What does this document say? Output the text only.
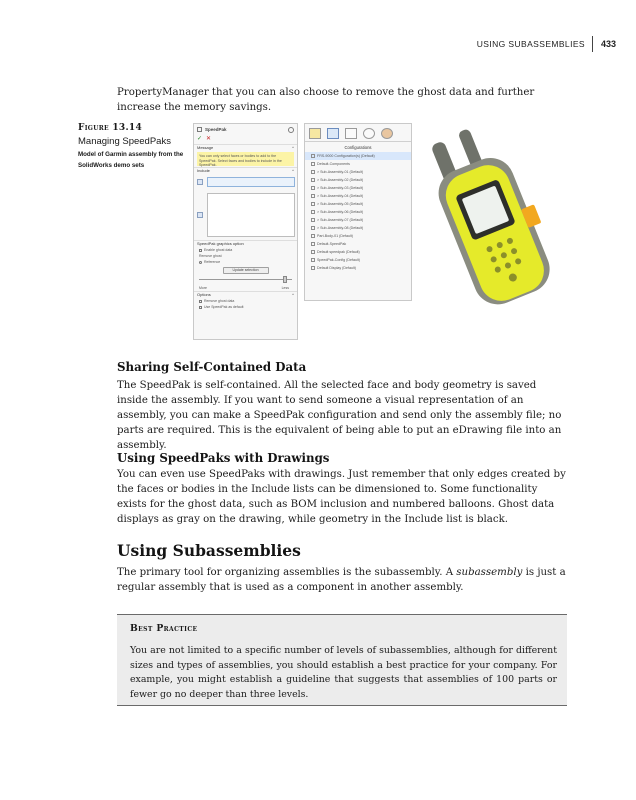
USING SUBASSEMBLIES	433

PropertyManager that you can also choose to remove the ghost data and further increase the memory savings.

Figure 13.14
Managing SpeedPaks
Model of Garmin assembly from the SolidWorks demo sets
SpeedPak
✓ ✕
Message	^
You can only select faces or bodies to add to the SpeedPak. Select faces and bodies to include in the SpeedPak.
Include	^
SpeedPak graphics option
Enable ghost data
Remove ghost
Reference
Update selection
More	Less
Options	^
Remove ghost data
Use SpeedPak as default
Configurations
FRS-9000 Configuration(s) (Default)
Default-Components
> Sub-Assembly-01 (Default)
> Sub-Assembly-02 (Default)
> Sub-Assembly-03 (Default)
> Sub-Assembly-04 (Default)
> Sub-Assembly-05 (Default)
> Sub-Assembly-06 (Default)
> Sub-Assembly-07 (Default)
> Sub-Assembly-08 (Default)
Part-Body-01 (Default)
Default-SpeedPak
Default speedpak (Default)
SpeedPak-Config (Default)
Default Display (Default)
Sharing Self-Contained Data

The SpeedPak is self-contained. All the selected face and body geometry is saved inside the assembly. If you want to send someone a visual representation of an assembly, you can make a SpeedPak configuration and send only the assembly file; no parts are required. This is the equivalent of being able to put an eDrawing file into an assembly.

Using SpeedPaks with Drawings

You can even use SpeedPaks with drawings. Just remember that only edges created by the faces or bodies in the Include lists can be dimensioned to. Some functionality exists for the ghost data, such as BOM inclusion and numbered balloons. Ghost data displays as gray on the drawing, while geometry in the Include list is black.

Using Subassemblies

The primary tool for organizing assemblies is the subassembly. A subassembly is just a regular assembly that is used as a component in another assembly.

Best Practice

You are not limited to a specific number of levels of subassemblies, although for different sizes and types of assemblies, you should establish a best practice for your company. For example, you might establish a guideline that suggests that assemblies of 100 parts or fewer go no deeper than three levels.
